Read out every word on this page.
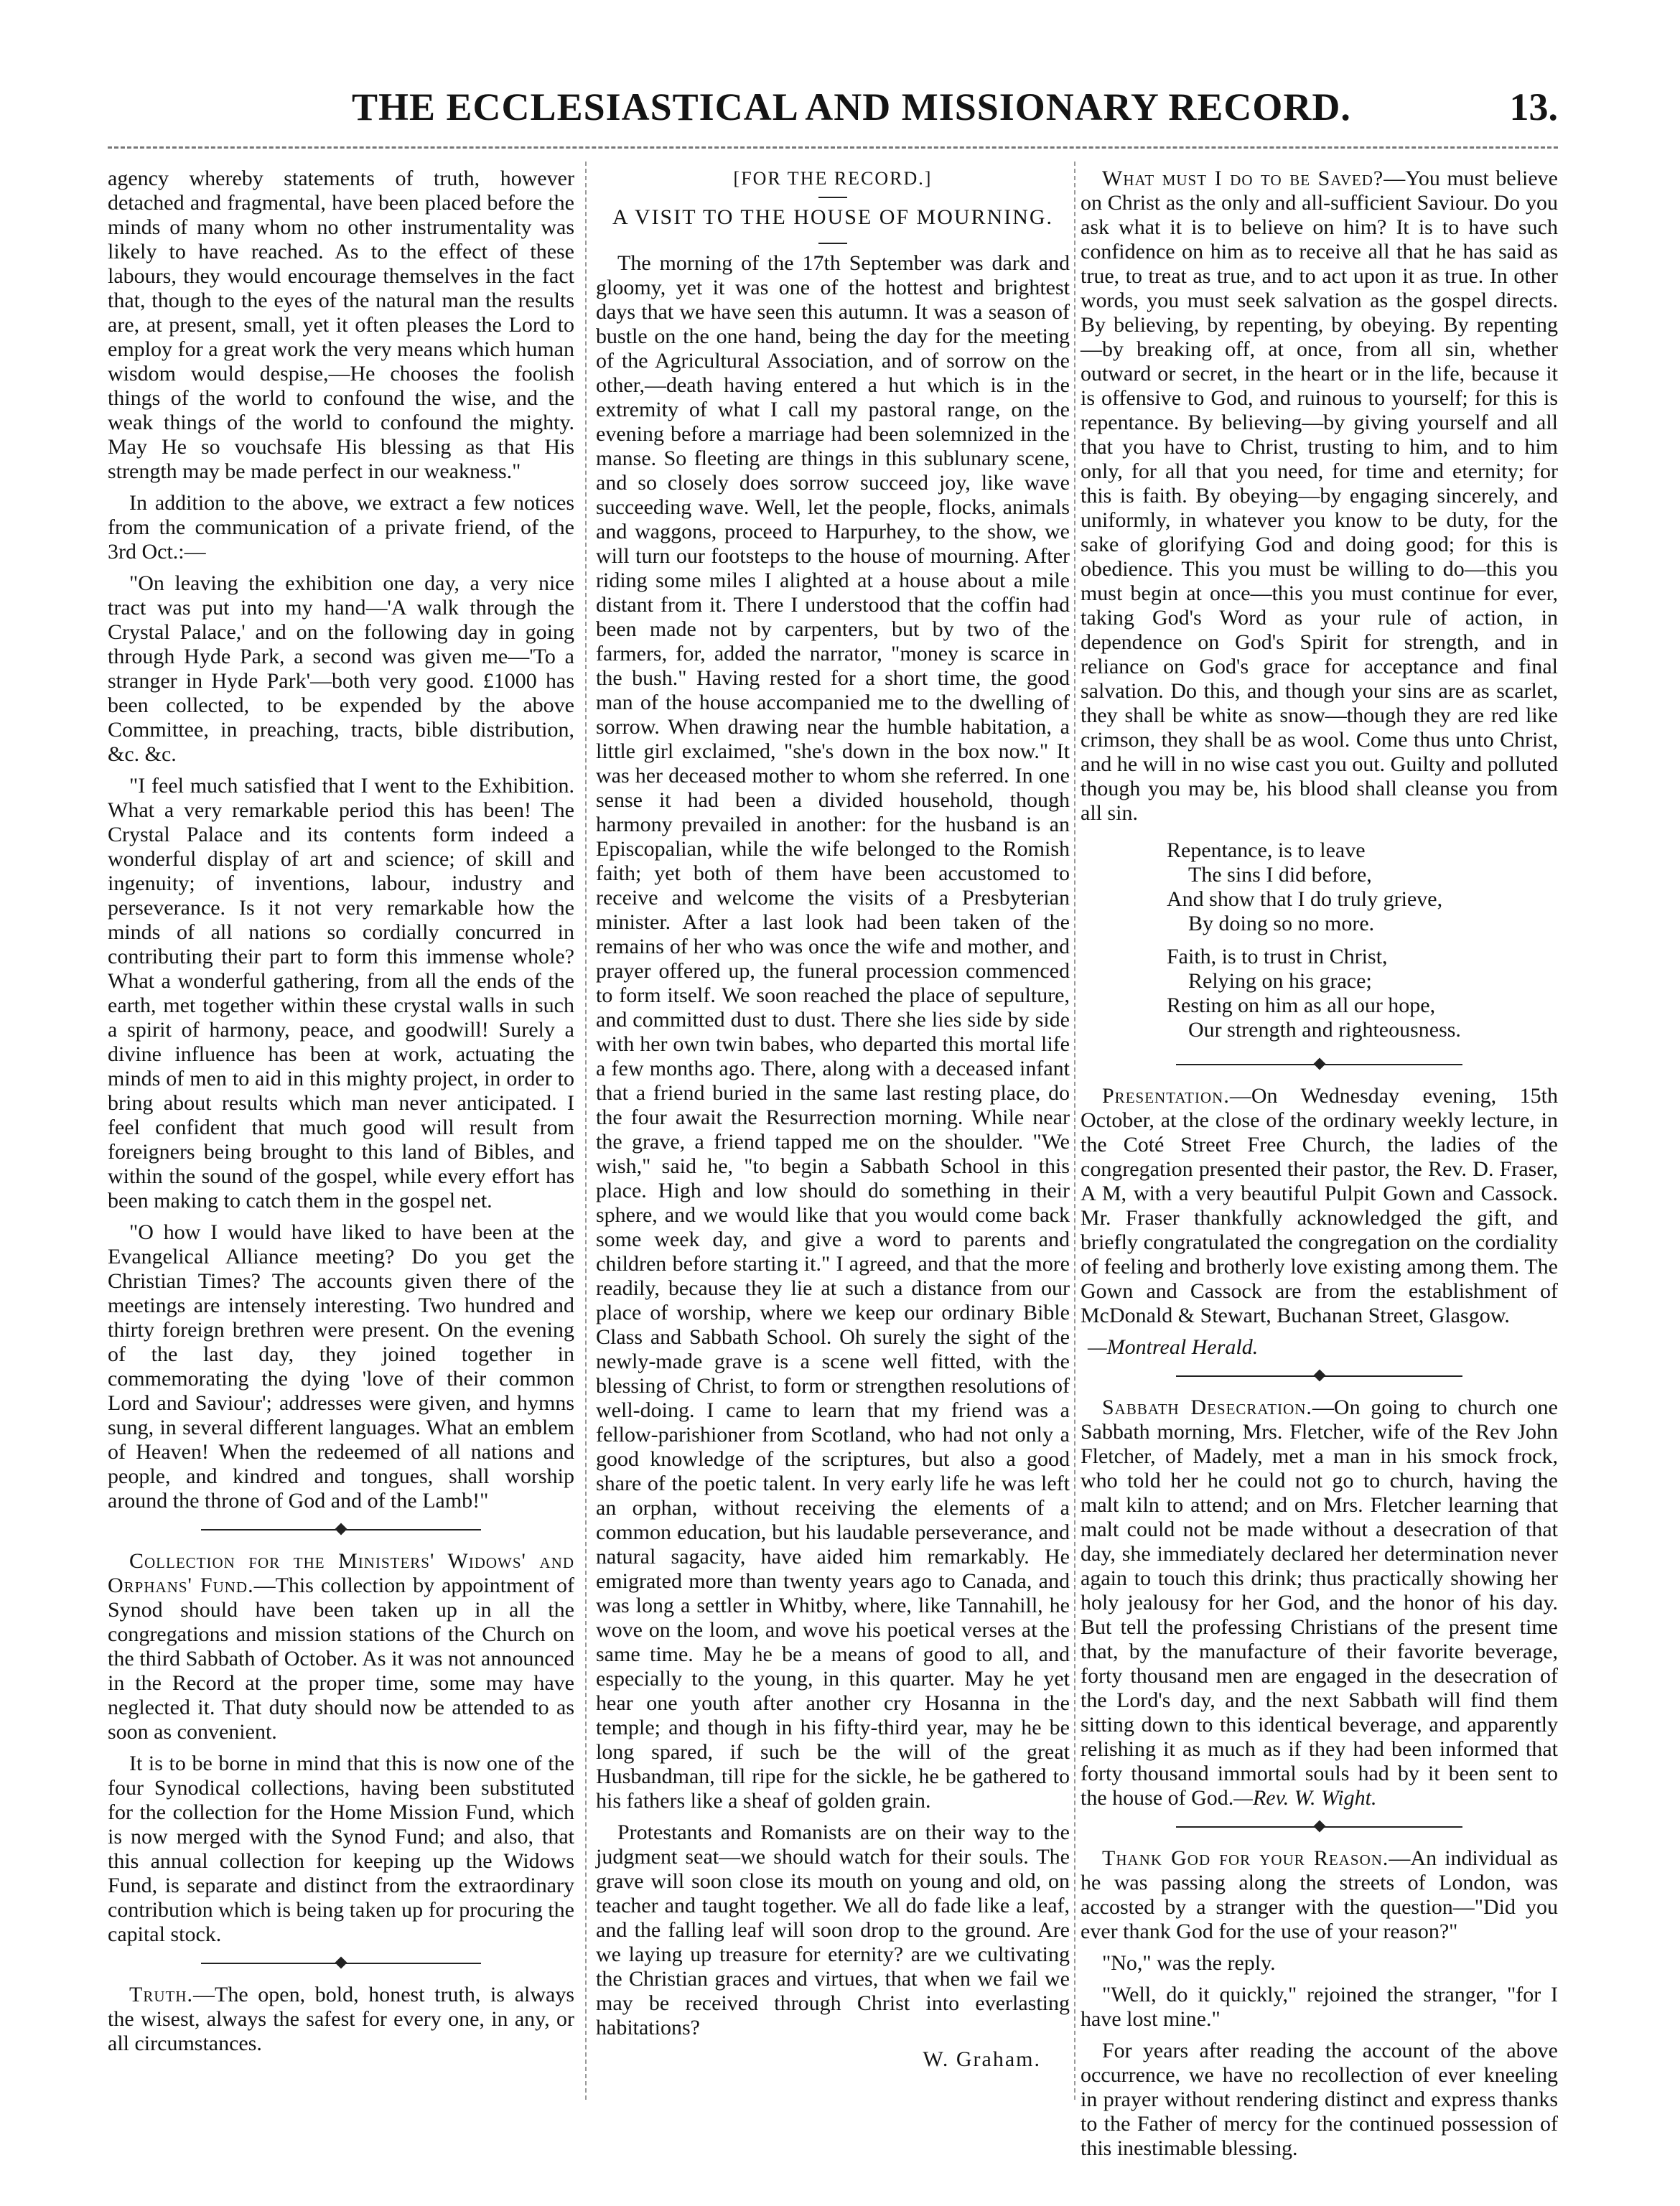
THE ECCLESIASTICAL AND MISSIONARY RECORD.	13.

agency whereby statements of truth, however detached and fragmental, have been placed before the minds of many whom no other instrumentality was likely to have reached. As to the effect of these labours, they would encourage themselves in the fact that, though to the eyes of the natural man the results are, at present, small, yet it often pleases the Lord to employ for a great work the very means which human wisdom would despise,—He chooses the foolish things of the world to confound the wise, and the weak things of the world to confound the mighty. May He so vouchsafe His blessing as that His strength may be made perfect in our weakness."

In addition to the above, we extract a few notices from the communication of a private friend, of the 3rd Oct.:—

"On leaving the exhibition one day, a very nice tract was put into my hand—'A walk through the Crystal Palace,' and on the following day in going through Hyde Park, a second was given me—'To a stranger in Hyde Park'—both very good. £1000 has been collected, to be expended by the above Committee, in preaching, tracts, bible distribution, &c. &c.

"I feel much satisfied that I went to the Exhibition. What a very remarkable period this has been! The Crystal Palace and its contents form indeed a wonderful display of art and science; of skill and ingenuity; of inventions, labour, industry and perseverance. Is it not very remarkable how the minds of all nations so cordially concurred in contributing their part to form this immense whole? What a wonderful gathering, from all the ends of the earth, met together within these crystal walls in such a spirit of harmony, peace, and goodwill! Surely a divine influence has been at work, actuating the minds of men to aid in this mighty project, in order to bring about results which man never anticipated. I feel confident that much good will result from foreigners being brought to this land of Bibles, and within the sound of the gospel, while every effort has been making to catch them in the gospel net.

"O how I would have liked to have been at the Evangelical Alliance meeting? Do you get the Christian Times? The accounts given there of the meetings are intensely interesting. Two hundred and thirty foreign brethren were present. On the evening of the last day, they joined together in commemorating the dying 'love of their common Lord and Saviour'; addresses were given, and hymns sung, in several different languages. What an emblem of Heaven! When the redeemed of all nations and people, and kindred and tongues, shall worship around the throne of God and of the Lamb!"

Collection for the Ministers' Widows' and Orphans' Fund.—This collection by appointment of Synod should have been taken up in all the congregations and mission stations of the Church on the third Sabbath of October. As it was not announced in the Record at the proper time, some may have neglected it. That duty should now be attended to as soon as convenient.

It is to be borne in mind that this is now one of the four Synodical collections, having been substituted for the collection for the Home Mission Fund, which is now merged with the Synod Fund; and also, that this annual collection for keeping up the Widows Fund, is separate and distinct from the extraordinary contribution which is being taken up for procuring the capital stock.

Truth.—The open, bold, honest truth, is always the wisest, always the safest for every one, in any, or all circumstances.

[FOR THE RECORD.]
A VISIT TO THE HOUSE OF MOURNING.

The morning of the 17th September was dark and gloomy, yet it was one of the hottest and brightest days that we have seen this autumn. It was a season of bustle on the one hand, being the day for the meeting of the Agricultural Association, and of sorrow on the other,—death having entered a hut which is in the extremity of what I call my pastoral range, on the evening before a marriage had been solemnized in the manse. So fleeting are things in this sublunary scene, and so closely does sorrow succeed joy, like wave succeeding wave. Well, let the people, flocks, animals and waggons, proceed to Harpurhey, to the show, we will turn our footsteps to the house of mourning. After riding some miles I alighted at a house about a mile distant from it. There I understood that the coffin had been made not by carpenters, but by two of the farmers, for, added the narrator, "money is scarce in the bush." Having rested for a short time, the good man of the house accompanied me to the dwelling of sorrow. When drawing near the humble habitation, a little girl exclaimed, "she's down in the box now." It was her deceased mother to whom she referred. In one sense it had been a divided household, though harmony prevailed in another: for the husband is an Episcopalian, while the wife belonged to the Romish faith; yet both of them have been accustomed to receive and welcome the visits of a Presbyterian minister. After a last look had been taken of the remains of her who was once the wife and mother, and prayer offered up, the funeral procession commenced to form itself. We soon reached the place of sepulture, and committed dust to dust. There she lies side by side with her own twin babes, who departed this mortal life a few months ago. There, along with a deceased infant that a friend buried in the same last resting place, do the four await the Resurrection morning. While near the grave, a friend tapped me on the shoulder. "We wish," said he, "to begin a Sabbath School in this place. High and low should do something in their sphere, and we would like that you would come back some week day, and give a word to parents and children before starting it." I agreed, and that the more readily, because they lie at such a distance from our place of worship, where we keep our ordinary Bible Class and Sabbath School. Oh surely the sight of the newly-made grave is a scene well fitted, with the blessing of Christ, to form or strengthen resolutions of well-doing. I came to learn that my friend was a fellow-parishioner from Scotland, who had not only a good knowledge of the scriptures, but also a good share of the poetic talent. In very early life he was left an orphan, without receiving the elements of a common education, but his laudable perseverance, and natural sagacity, have aided him remarkably. He emigrated more than twenty years ago to Canada, and was long a settler in Whitby, where, like Tannahill, he wove on the loom, and wove his poetical verses at the same time. May he be a means of good to all, and especially to the young, in this quarter. May he yet hear one youth after another cry Hosanna in the temple; and though in his fifty-third year, may he be long spared, if such be the will of the great Husbandman, till ripe for the sickle, he be gathered to his fathers like a sheaf of golden grain.

Protestants and Romanists are on their way to the judgment seat—we should watch for their souls. The grave will soon close its mouth on young and old, on teacher and taught together. We all do fade like a leaf, and the falling leaf will soon drop to the ground. Are we laying up treasure for eternity? are we cultivating the Christian graces and virtues, that when we fail we may be received through Christ into everlasting habitations?

W. Graham.

What must I do to be Saved?—You must believe on Christ as the only and all-sufficient Saviour. Do you ask what it is to believe on him? It is to have such confidence on him as to receive all that he has said as true, to treat as true, and to act upon it as true. In other words, you must seek salvation as the gospel directs. By believing, by repenting, by obeying. By repenting—by breaking off, at once, from all sin, whether outward or secret, in the heart or in the life, because it is offensive to God, and ruinous to yourself; for this is repentance. By believing—by giving yourself and all that you have to Christ, trusting to him, and to him only, for all that you need, for time and eternity; for this is faith. By obeying—by engaging sincerely, and uniformly, in whatever you know to be duty, for the sake of glorifying God and doing good; for this is obedience. This you must be willing to do—this you must begin at once—this you must continue for ever, taking God's Word as your rule of action, in dependence on God's Spirit for strength, and in reliance on God's grace for acceptance and final salvation. Do this, and though your sins are as scarlet, they shall be white as snow—though they are red like crimson, they shall be as wool. Come thus unto Christ, and he will in no wise cast you out. Guilty and polluted though you may be, his blood shall cleanse you from all sin.

Repentance, is to leave
The sins I did before,
And show that I do truly grieve,
By doing so no more.
Faith, is to trust in Christ,
Relying on his grace;
Resting on him as all our hope,
Our strength and righteousness.

Presentation.—On Wednesday evening, 15th October, at the close of the ordinary weekly lecture, in the Coté Street Free Church, the ladies of the congregation presented their pastor, the Rev. D. Fraser, A M, with a very beautiful Pulpit Gown and Cassock. Mr. Fraser thankfully acknowledged the gift, and briefly congratulated the congregation on the cordiality of feeling and brotherly love existing among them. The Gown and Cassock are from the establishment of McDonald & Stewart, Buchanan Street, Glasgow.

—Montreal Herald.

Sabbath Desecration.—On going to church one Sabbath morning, Mrs. Fletcher, wife of the Rev John Fletcher, of Madely, met a man in his smock frock, who told her he could not go to church, having the malt kiln to attend; and on Mrs. Fletcher learning that malt could not be made without a desecration of that day, she immediately declared her determination never again to touch this drink; thus practically showing her holy jealousy for her God, and the honor of his day. But tell the professing Christians of the present time that, by the manufacture of their favorite beverage, forty thousand men are engaged in the desecration of the Lord's day, and the next Sabbath will find them sitting down to this identical beverage, and apparently relishing it as much as if they had been informed that forty thousand immortal souls had by it been sent to the house of God.—Rev. W. Wight.

Thank God for your Reason.—An individual as he was passing along the streets of London, was accosted by a stranger with the question—"Did you ever thank God for the use of your reason?"

"No," was the reply.

"Well, do it quickly," rejoined the stranger, "for I have lost mine."

For years after reading the account of the above occurrence, we have no recollection of ever kneeling in prayer without rendering distinct and express thanks to the Father of mercy for the continued possession of this inestimable blessing.
